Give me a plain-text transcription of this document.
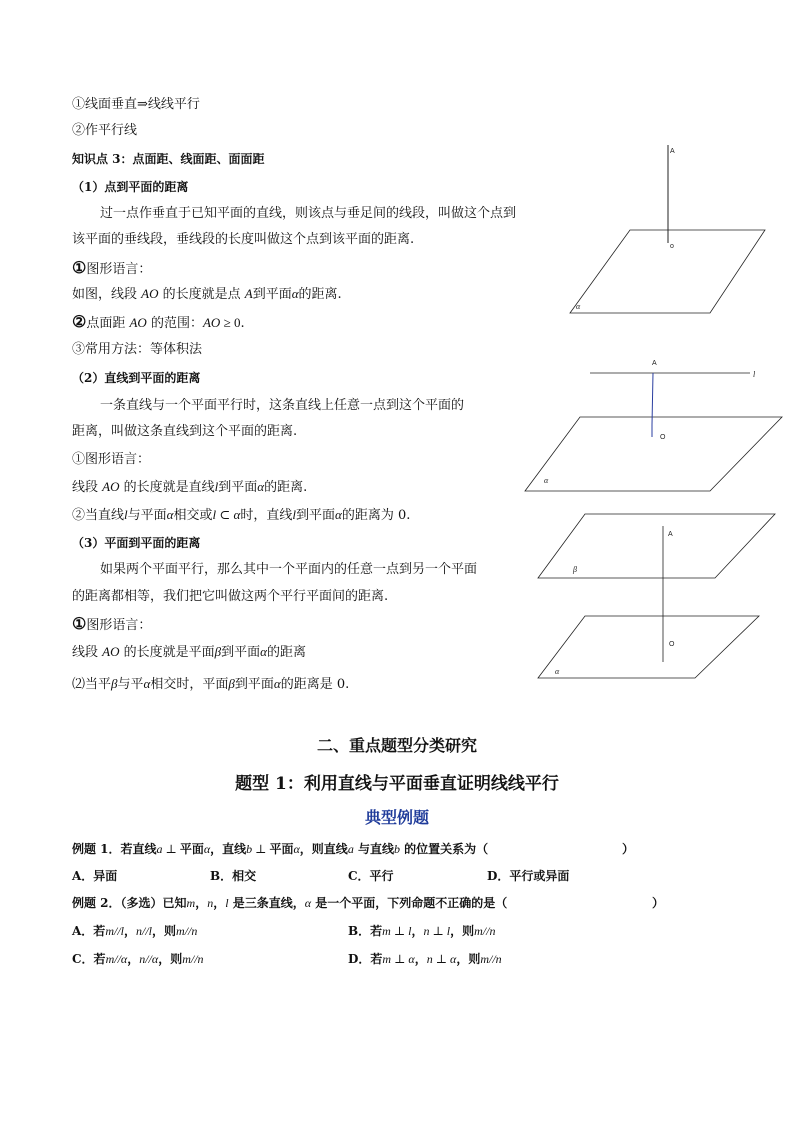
①线面垂直⇒线线平行
②作平行线
知识点 3：点面距、线面距、面面距
（1）点到平面的距离
过一点作垂直于已知平面的直线，则该点与垂足间的线段，叫做这个点到
该平面的垂线段，垂线段的长度叫做这个点到该平面的距离.
①图形语言：
如图，线段 AO 的长度就是点 A到平面α的距离.
②点面距 AO 的范围：AO ≥ 0.
③常用方法：等体积法
（2）直线到平面的距离
一条直线与一个平面平行时，这条直线上任意一点到这个平面的
距离，叫做这条直线到这个平面的距离.
①图形语言：
线段 AO 的长度就是直线l到平面α的距离.
②当直线l与平面α相交或l ⊂ α时，直线l到平面α的距离为 0.
（3）平面到平面的距离
如果两个平面平行，那么其中一个平面内的任意一点到另一个平面
的距离都相等，我们把它叫做这两个平行平面间的距离.
①图形语言：
线段 AO 的长度就是平面β到平面α的距离
⑵当平β与平α相交时，平面β到平面α的距离是 0.
二、重点题型分类研究
题型 1：利用直线与平面垂直证明线线平行
典型例题
例题 1．若直线a ⊥ 平面α，直线b ⊥ 平面α，则直线a 与直线b 的位置关系为（	）
A．异面	B．相交	C．平行	D．平行或异面
例题 2．（多选）已知m，n，l 是三条直线，α 是一个平面，下列命题不正确的是（	）
A．若m//l，n//l，则m//n	B．若m ⊥ l，n ⊥ l，则m//n
C．若m//α，n//α，则m//n	D．若m ⊥ α，n ⊥ α，则m//n
A
o
α
A
l
O
α
A
O
β
α
